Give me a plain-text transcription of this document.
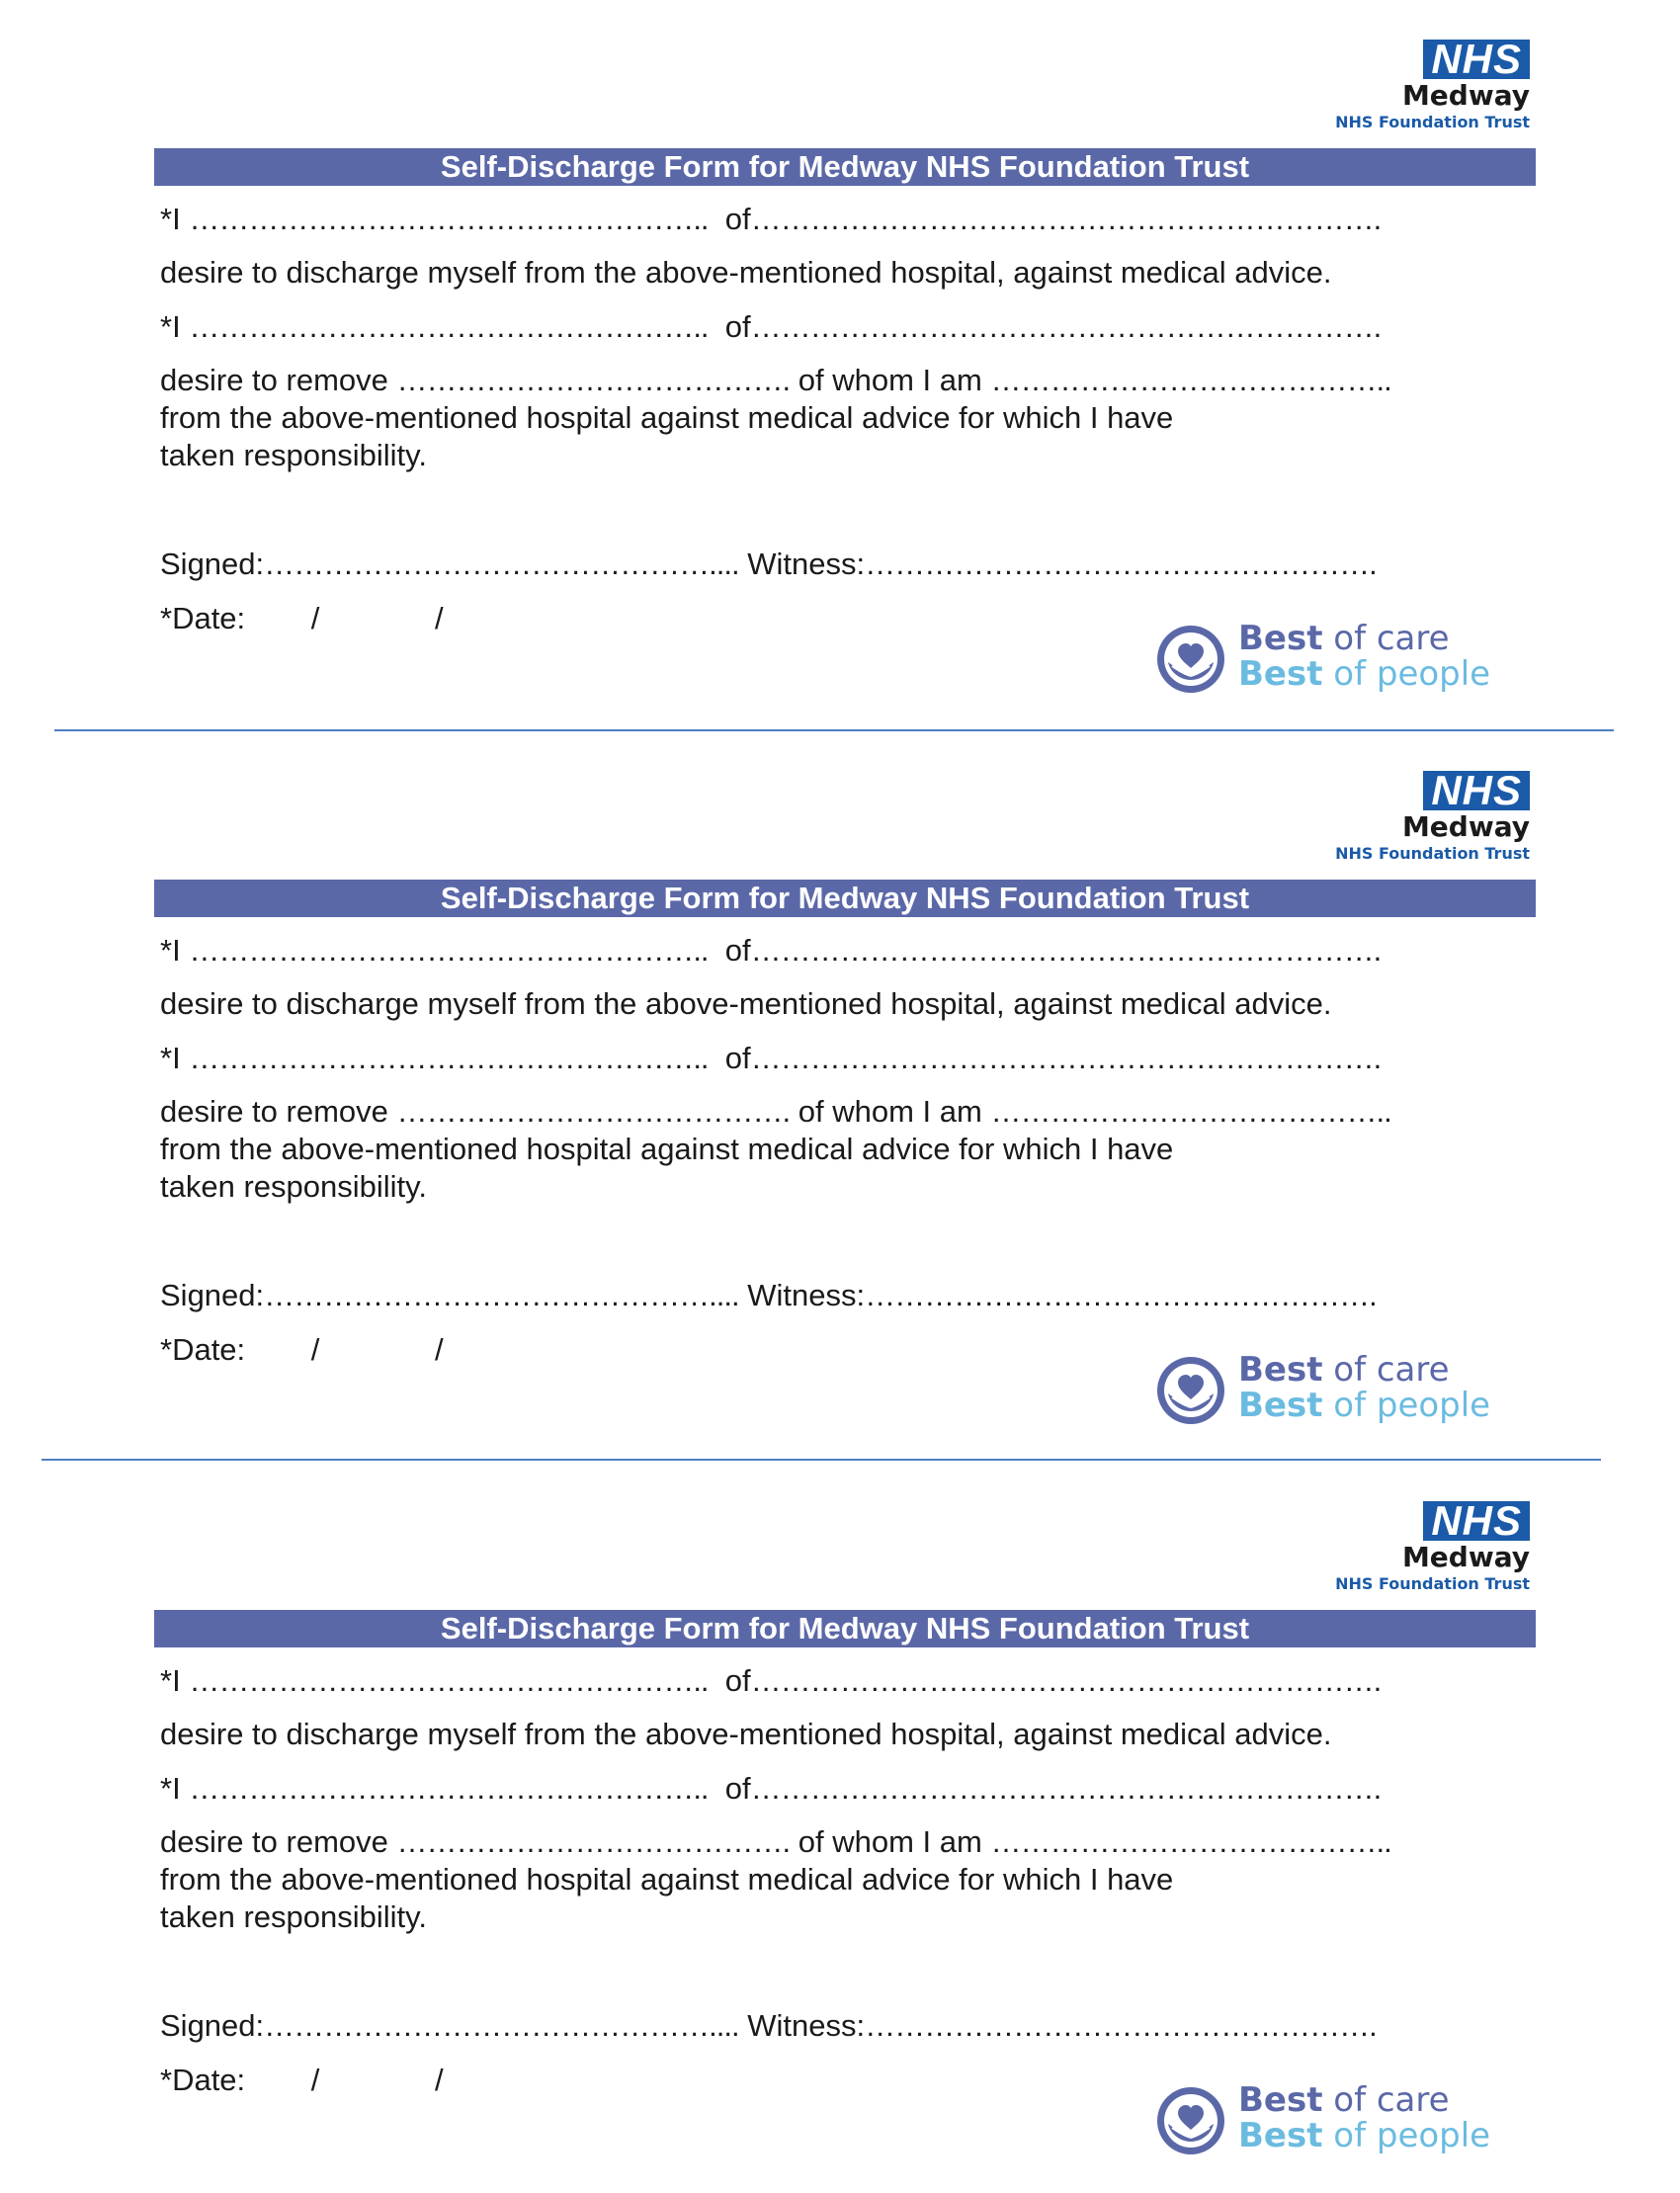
NHS
Medway
NHS Foundation Trust
Self-Discharge Form for Medway NHS Foundation Trust
*I …………………………………………….. of……………………………………………………….
desire to discharge myself from the above-mentioned hospital, against medical advice.
*I …………………………………………….. of……………………………………………………….
desire to remove …………………………………. of whom I am …………………………………..
from the above-mentioned hospital against medical advice for which I have
taken responsibility.
Signed:……………………………………….... Witness:…………………………………………….
*Date: /	/
Best of care
Best of people
NHS
Medway
NHS Foundation Trust
Self-Discharge Form for Medway NHS Foundation Trust
*I …………………………………………….. of……………………………………………………….
desire to discharge myself from the above-mentioned hospital, against medical advice.
*I …………………………………………….. of……………………………………………………….
desire to remove …………………………………. of whom I am …………………………………..
from the above-mentioned hospital against medical advice for which I have
taken responsibility.
Signed:……………………………………….... Witness:…………………………………………….
*Date: /	/
Best of care
Best of people
NHS
Medway
NHS Foundation Trust
Self-Discharge Form for Medway NHS Foundation Trust
*I …………………………………………….. of……………………………………………………….
desire to discharge myself from the above-mentioned hospital, against medical advice.
*I …………………………………………….. of……………………………………………………….
desire to remove …………………………………. of whom I am …………………………………..
from the above-mentioned hospital against medical advice for which I have
taken responsibility.
Signed:……………………………………….... Witness:…………………………………………….
*Date: /	/
Best of care
Best of people
